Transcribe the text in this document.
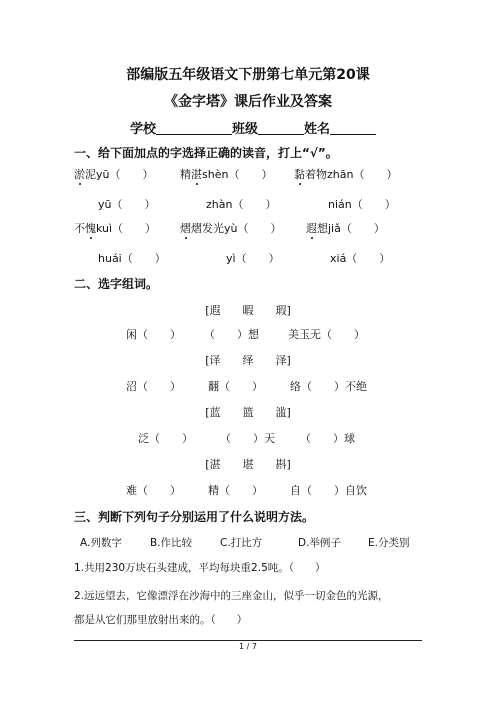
部编版五年级语文下册第七单元第20课
《金字塔》课后作业及答案
学校	班级	姓名
一、给下面加点的字选择正确的读音，打上“√”。
淤泥yū（　　） 精湛shèn（　　） 黏着物zhān（　　）
yū（　　）	zhàn（　　）	nián（　　）
不愧kuì（　　） 熠熠发光yù（　　） 遐想jiǎ（　　）
huái（　　）	yì（　　）	xiá（　　）
二、选字组词。
[遐　　暇　　瑕]
闲（　　） （　　）想	美玉无（　　）
[译　　绎　　泽]
沼（　　） 翻（　　） 络（　　）不绝
[蓝　　篮　　滥]
泛（　　） （　　）天 （　　）球
[湛　　堪　　斟]
难（　　） 精（　　） 自（　　）自饮
三、判断下列句子分别运用了什么说明方法。
A.列数字	B.作比较	C.打比方	D.举例子	E.分类别
1.共用230万块石头建成，平均每块重2.5吨。（　　）
2.远远望去，它像漂浮在沙海中的三座金山，似乎一切金色的光源，
都是从它们那里放射出来的。（　　）
1 / 7
